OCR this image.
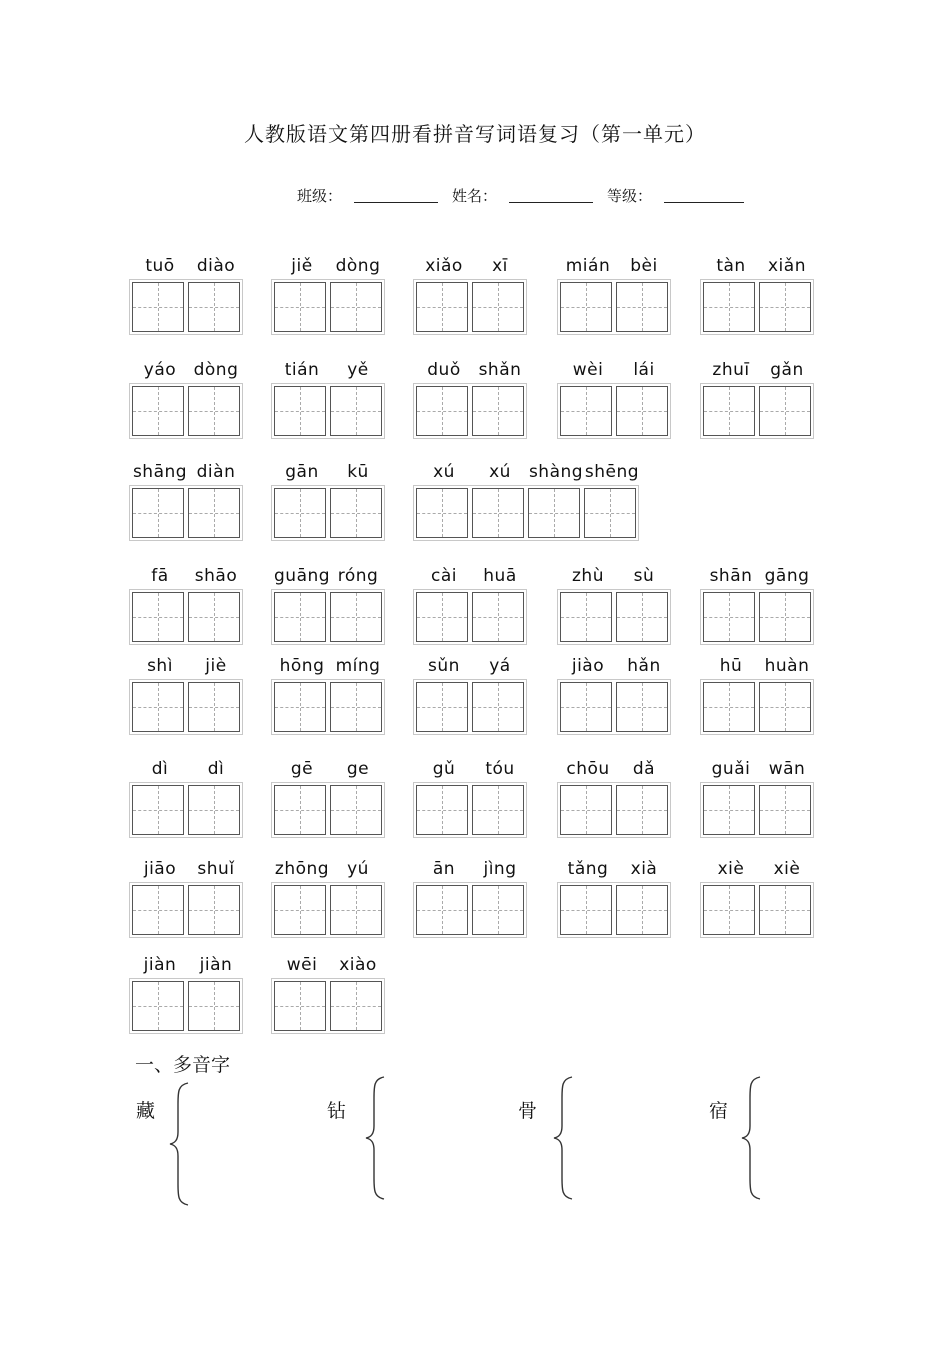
人教版语文第四册看拼音写词语复习（第一单元）
班级：	姓名：	等级：
tuō	diào	jiě	dòng	xiǎo	xī	mián	bèi	tàn	xiǎn
yáo	dòng	tián	yě	duǒ	shǎn	wèi	lái	zhuī	gǎn
shāng diàn	gān	kū	xú	xú	shàng shēng
fā	shāo	guāng róng	cài	huā	zhù	sù	shān gāng
shì	jiè	hōng míng	sǔn	yá	jiào	hǎn	hū	huàn
dì	dì	gē	ge	gǔ	tóu	chōu	dǎ	guǎi	wān
jiāo	shuǐ	zhōng	yú	ān	jìng	tǎng	xià	xiè	xiè
jiàn	jiàn	wēi	xiào
一、多音字
藏	钻	骨	宿
